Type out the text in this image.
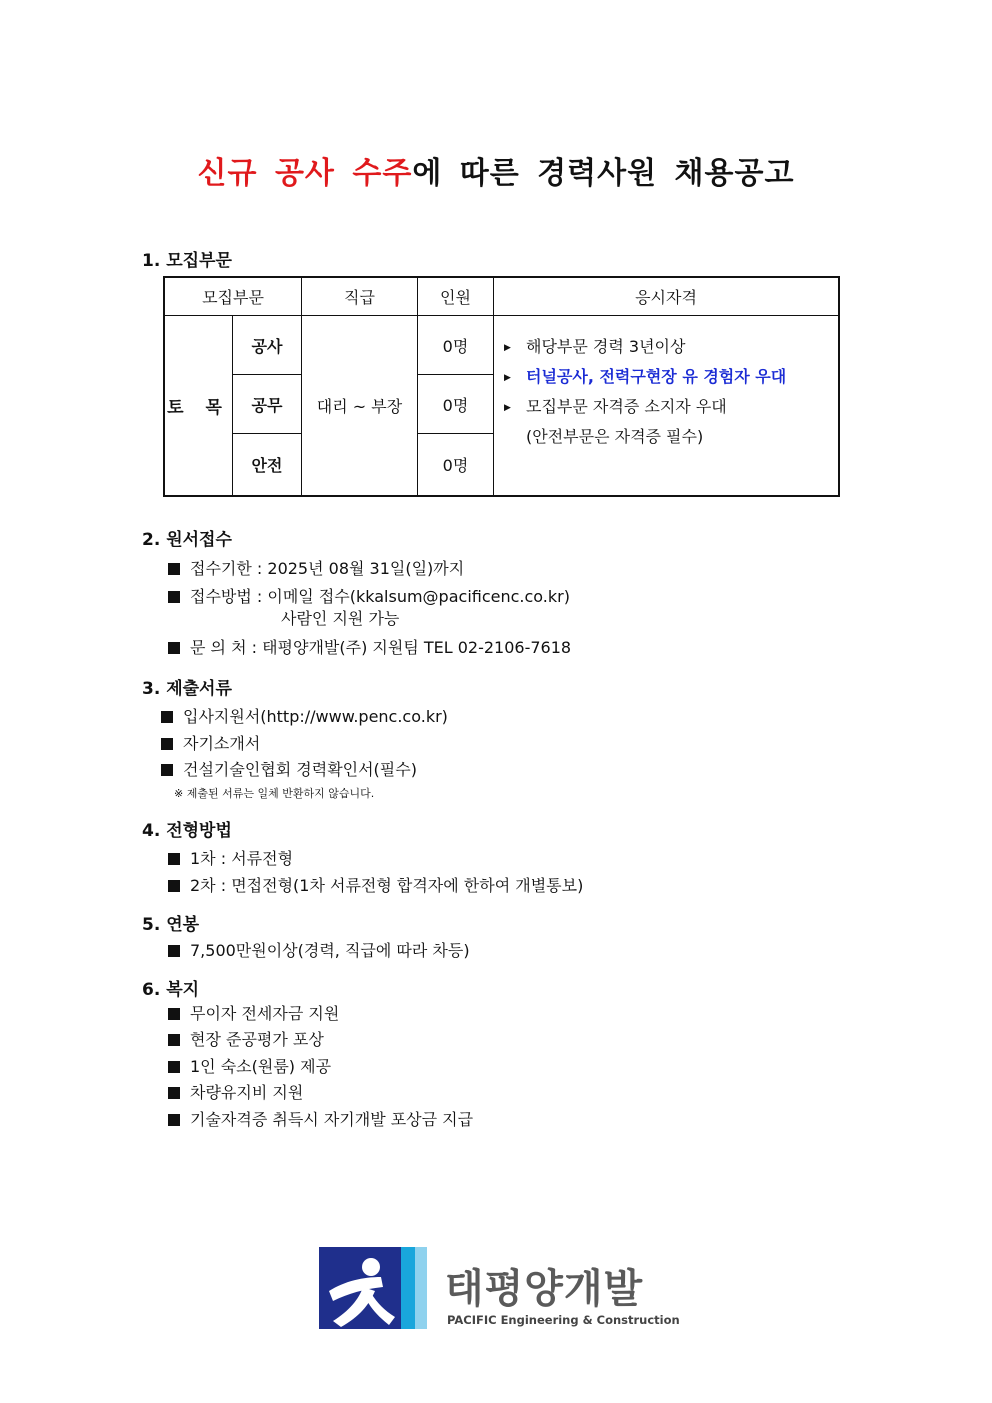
신규 공사 수주에 따른 경력사원 채용공고
1. 모집부문
모집부문		직급	인원	응시자격
토 목	공사	대리 ~ 부장	0명	▶ 해당부문 경력 3년이상
▶ 터널공사, 전력구현장 유 경험자 우대
▶ 모집부문 자격증 소지자 우대
(안전부문은 자격증 필수)

	공무		0명	
	안전		0명	
2. 원서접수
접수기한 : 2025년 08월 31일(일)까지
접수방법 : 이메일 접수(kkalsum@pacificenc.co.kr)
사람인 지원 가능
문 의 처 : 태평양개발(주) 지원팀 TEL 02-2106-7618
3. 제출서류
입사지원서(http://www.penc.co.kr)
자기소개서
건설기술인협회 경력확인서(필수)
※ 제출된 서류는 일체 반환하지 않습니다.
4. 전형방법
1차 : 서류전형
2차 : 면접전형(1차 서류전형 합격자에 한하여 개별통보)
5. 연봉
7,500만원이상(경력, 직급에 따라 차등)
6. 복지
무이자 전세자금 지원
현장 준공평가 포상
1인 숙소(원룸) 제공
차량유지비 지원
기술자격증 취득시 자기개발 포상금 지급
태평양개발
PACIFIC Engineering & Construction
